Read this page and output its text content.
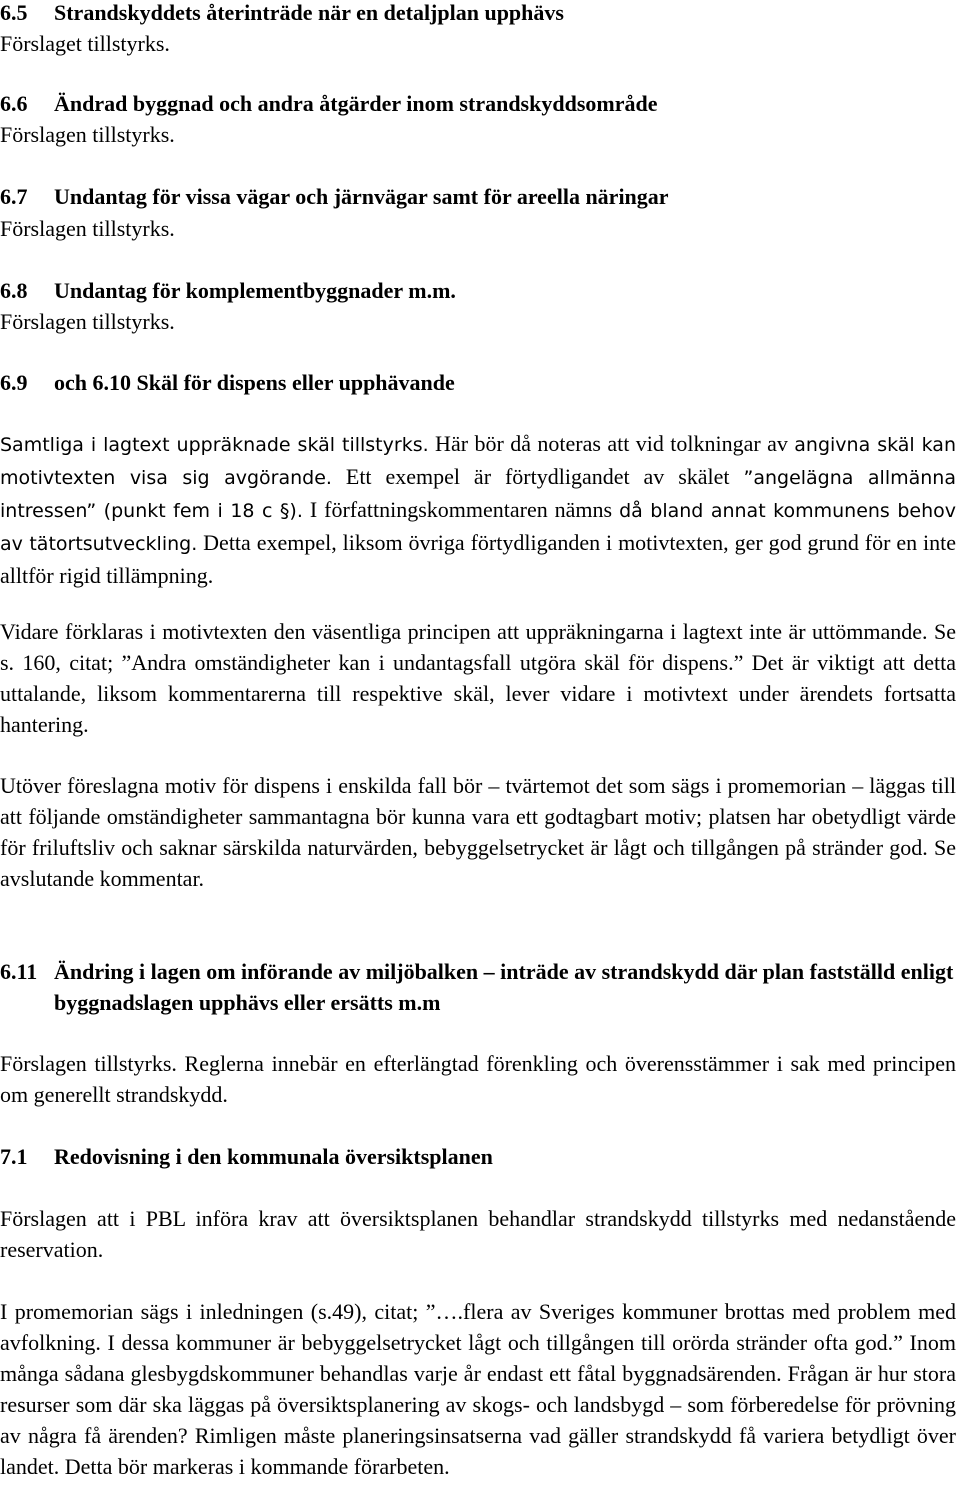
6.5 Strandskyddets återinträde när en detaljplan upphävs
Förslaget tillstyrks.
6.6 Ändrad byggnad och andra åtgärder inom strandskyddsområde
Förslagen tillstyrks.
6.7 Undantag för vissa vägar och järnvägar samt för areella näringar
Förslagen tillstyrks.
6.8 Undantag för komplementbyggnader m.m.
Förslagen tillstyrks.
6.9 och 6.10 Skäl för dispens eller upphävande
Samtliga i lagtext uppräknade skäl tillstyrks. Här bör då noteras att vid tolkningar av angivna skäl kan motivtexten visa sig avgörande. Ett exempel är förtydligandet av skälet ”angelägna allmänna intressen” (punkt fem i 18 c §). I författningskommentaren nämns då bland annat kommunens behov av tätortsutveckling. Detta exempel, liksom övriga förtydliganden i motivtexten, ger god grund för en inte alltför rigid tillämpning.
Vidare förklaras i motivtexten den väsentliga principen att uppräkningarna i lagtext inte är uttömmande. Se s. 160, citat; ”Andra omständigheter kan i undantagsfall utgöra skäl för dispens.” Det är viktigt att detta uttalande, liksom kommentarerna till respektive skäl, lever vidare i motivtext under ärendets fortsatta hantering.
Utöver föreslagna motiv för dispens i enskilda fall bör – tvärtemot det som sägs i promemorian – läggas till att följande omständigheter sammantagna bör kunna vara ett godtagbart motiv; platsen har obetydligt värde för friluftsliv och saknar särskilda naturvärden, bebyggelsetrycket är lågt och tillgången på stränder god. Se avslutande kommentar.
6.11 Ändring i lagen om införande av miljöbalken – inträde av strandskydd där plan fastställd enligt byggnadslagen upphävs eller ersätts m.m
Förslagen tillstyrks. Reglerna innebär en efterlängtad förenkling och överensstämmer i sak med principen om generellt strandskydd.
7.1 Redovisning i den kommunala översiktsplanen
Förslagen att i PBL införa krav att översiktsplanen behandlar strandskydd tillstyrks med nedanstående reservation.
I promemorian sägs i inledningen (s.49), citat; ”….flera av Sveriges kommuner brottas med problem med avfolkning. I dessa kommuner är bebyggelsetrycket lågt och tillgången till orörda stränder ofta god.” Inom många sådana glesbygdskommuner behandlas varje år endast ett fåtal byggnadsärenden. Frågan är hur stora resurser som där ska läggas på översiktsplanering av skogs- och landsbygd – som förberedelse för prövning av några få ärenden? Rimligen måste planeringsinsatserna vad gäller strandskydd få variera betydligt över landet. Detta bör markeras i kommande förarbeten.
